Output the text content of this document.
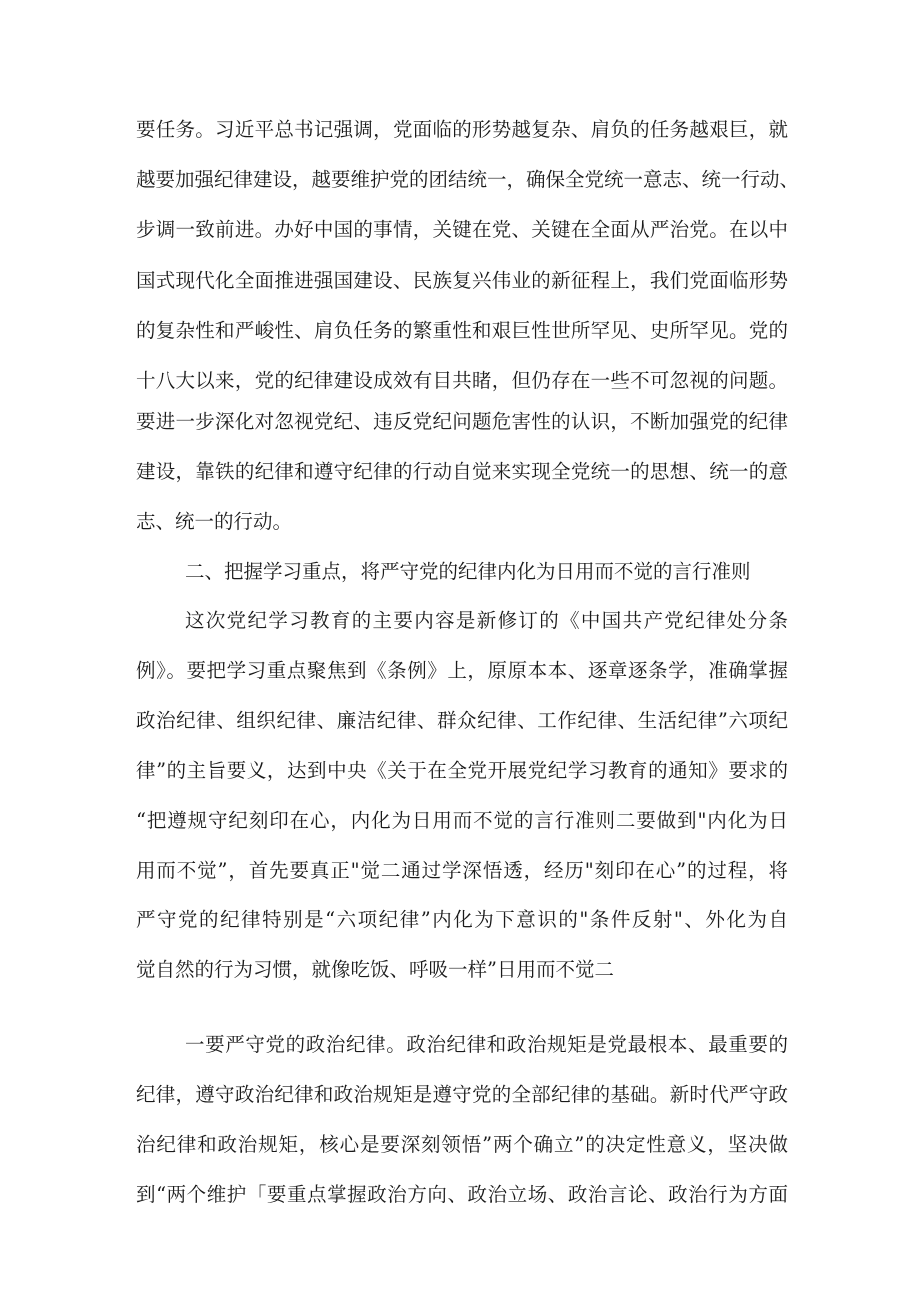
要任务。习近平总书记强调，党面临的形势越复杂、肩负的任务越艰巨，就
越要加强纪律建设，越要维护党的团结统一，确保全党统一意志、统一行动、
步调一致前进。办好中国的事情，关键在党、关键在全面从严治党。在以中
国式现代化全面推进强国建设、民族复兴伟业的新征程上，我们党面临形势
的复杂性和严峻性、肩负任务的繁重性和艰巨性世所罕见、史所罕见。党的
十八大以来，党的纪律建设成效有目共睹，但仍存在一些不可忽视的问题。
要进一步深化对忽视党纪、违反党纪问题危害性的认识，不断加强党的纪律
建设，靠铁的纪律和遵守纪律的行动自觉来实现全党统一的思想、统一的意
志、统一的行动。
二、把握学习重点，将严守党的纪律内化为日用而不觉的言行准则
这次党纪学习教育的主要内容是新修订的《中国共产党纪律处分条
例》。要把学习重点聚焦到《条例》上，原原本本、逐章逐条学，准确掌握
政治纪律、组织纪律、廉洁纪律、群众纪律、工作纪律、生活纪律”六项纪
律”的主旨要义，达到中央《关于在全党开展党纪学习教育的通知》要求的
“把遵规守纪刻印在心，内化为日用而不觉的言行准则二要做到"内化为日
用而不觉”，首先要真正"觉二通过学深悟透，经历"刻印在心”的过程，将
严守党的纪律特别是“六项纪律”内化为下意识的"条件反射"、外化为自
觉自然的行为习惯，就像吃饭、呼吸一样”日用而不觉二
一要严守党的政治纪律。政治纪律和政治规矩是党最根本、最重要的
纪律，遵守政治纪律和政治规矩是遵守党的全部纪律的基础。新时代严守政
治纪律和政治规矩，核心是要深刻领悟”两个确立”的决定性意义，坚决做
到“两个维护「要重点掌握政治方向、政治立场、政治言论、政治行为方面
